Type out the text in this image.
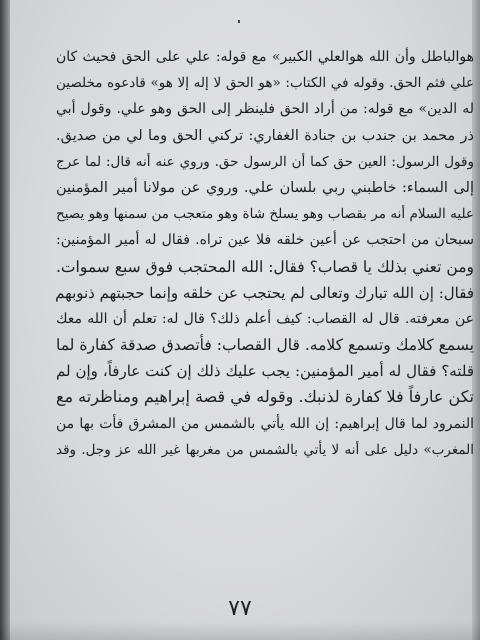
هوالباطل وأن الله هوالعلي الكبير» مع قوله: علي على الحق فحيث كان
علي فثم الحق. وقوله في الكتاب: «هو الحق لا إله إلا هو» قادعوه مخلصين
له الدين» مع قوله: من أراد الحق فلينظر إلى الحق وهو علي. وقول أبي
ذر محمد بن جندب بن جنادة الغفاري: تركني الحق وما لي من صديق.
وقول الرسول: العين حق كما أن الرسول حق. وروي عنه أنه قال: لما عرج
إلى السماء: خاطبني ربي بلسان علي. وروي عن مولانا أمير المؤمنين
عليه السلام أنه مر بقصاب وهو يسلخ شاة وهو متعجب من سمنها وهو يصيح
سبحان من احتجب عن أعين خلقه فلا عين تراه. فقال له أمير المؤمنين:
ومن تعني بذلك يا قصاب؟ فقال: الله المحتجب فوق سبع سموات.
فقال: إن الله تبارك وتعالى لم يحتجب عن خلقه وإنما حجبتهم ذنوبهم
عن معرفته. قال له القصاب: كيف أعلم ذلك؟ قال له: تعلم أن الله معك
يسمع كلامك وتسمع كلامه. قال القصاب: فأتصدق صدقة كفارة لما
قلته؟ فقال له أمير المؤمنين: يجب عليك ذلك إن كنت عارفاً، وإن لم
تكن عارفاً فلا كفارة لذنبك. وقوله في قصة إبراهيم ومناظرته مع
النمرود لما قال إبراهيم: إن الله يأتي بالشمس من المشرق فأت بها من
المغرب» دليل على أنه لا يأتي بالشمس من مغربها غير الله عز وجل. وقد
٧٧
